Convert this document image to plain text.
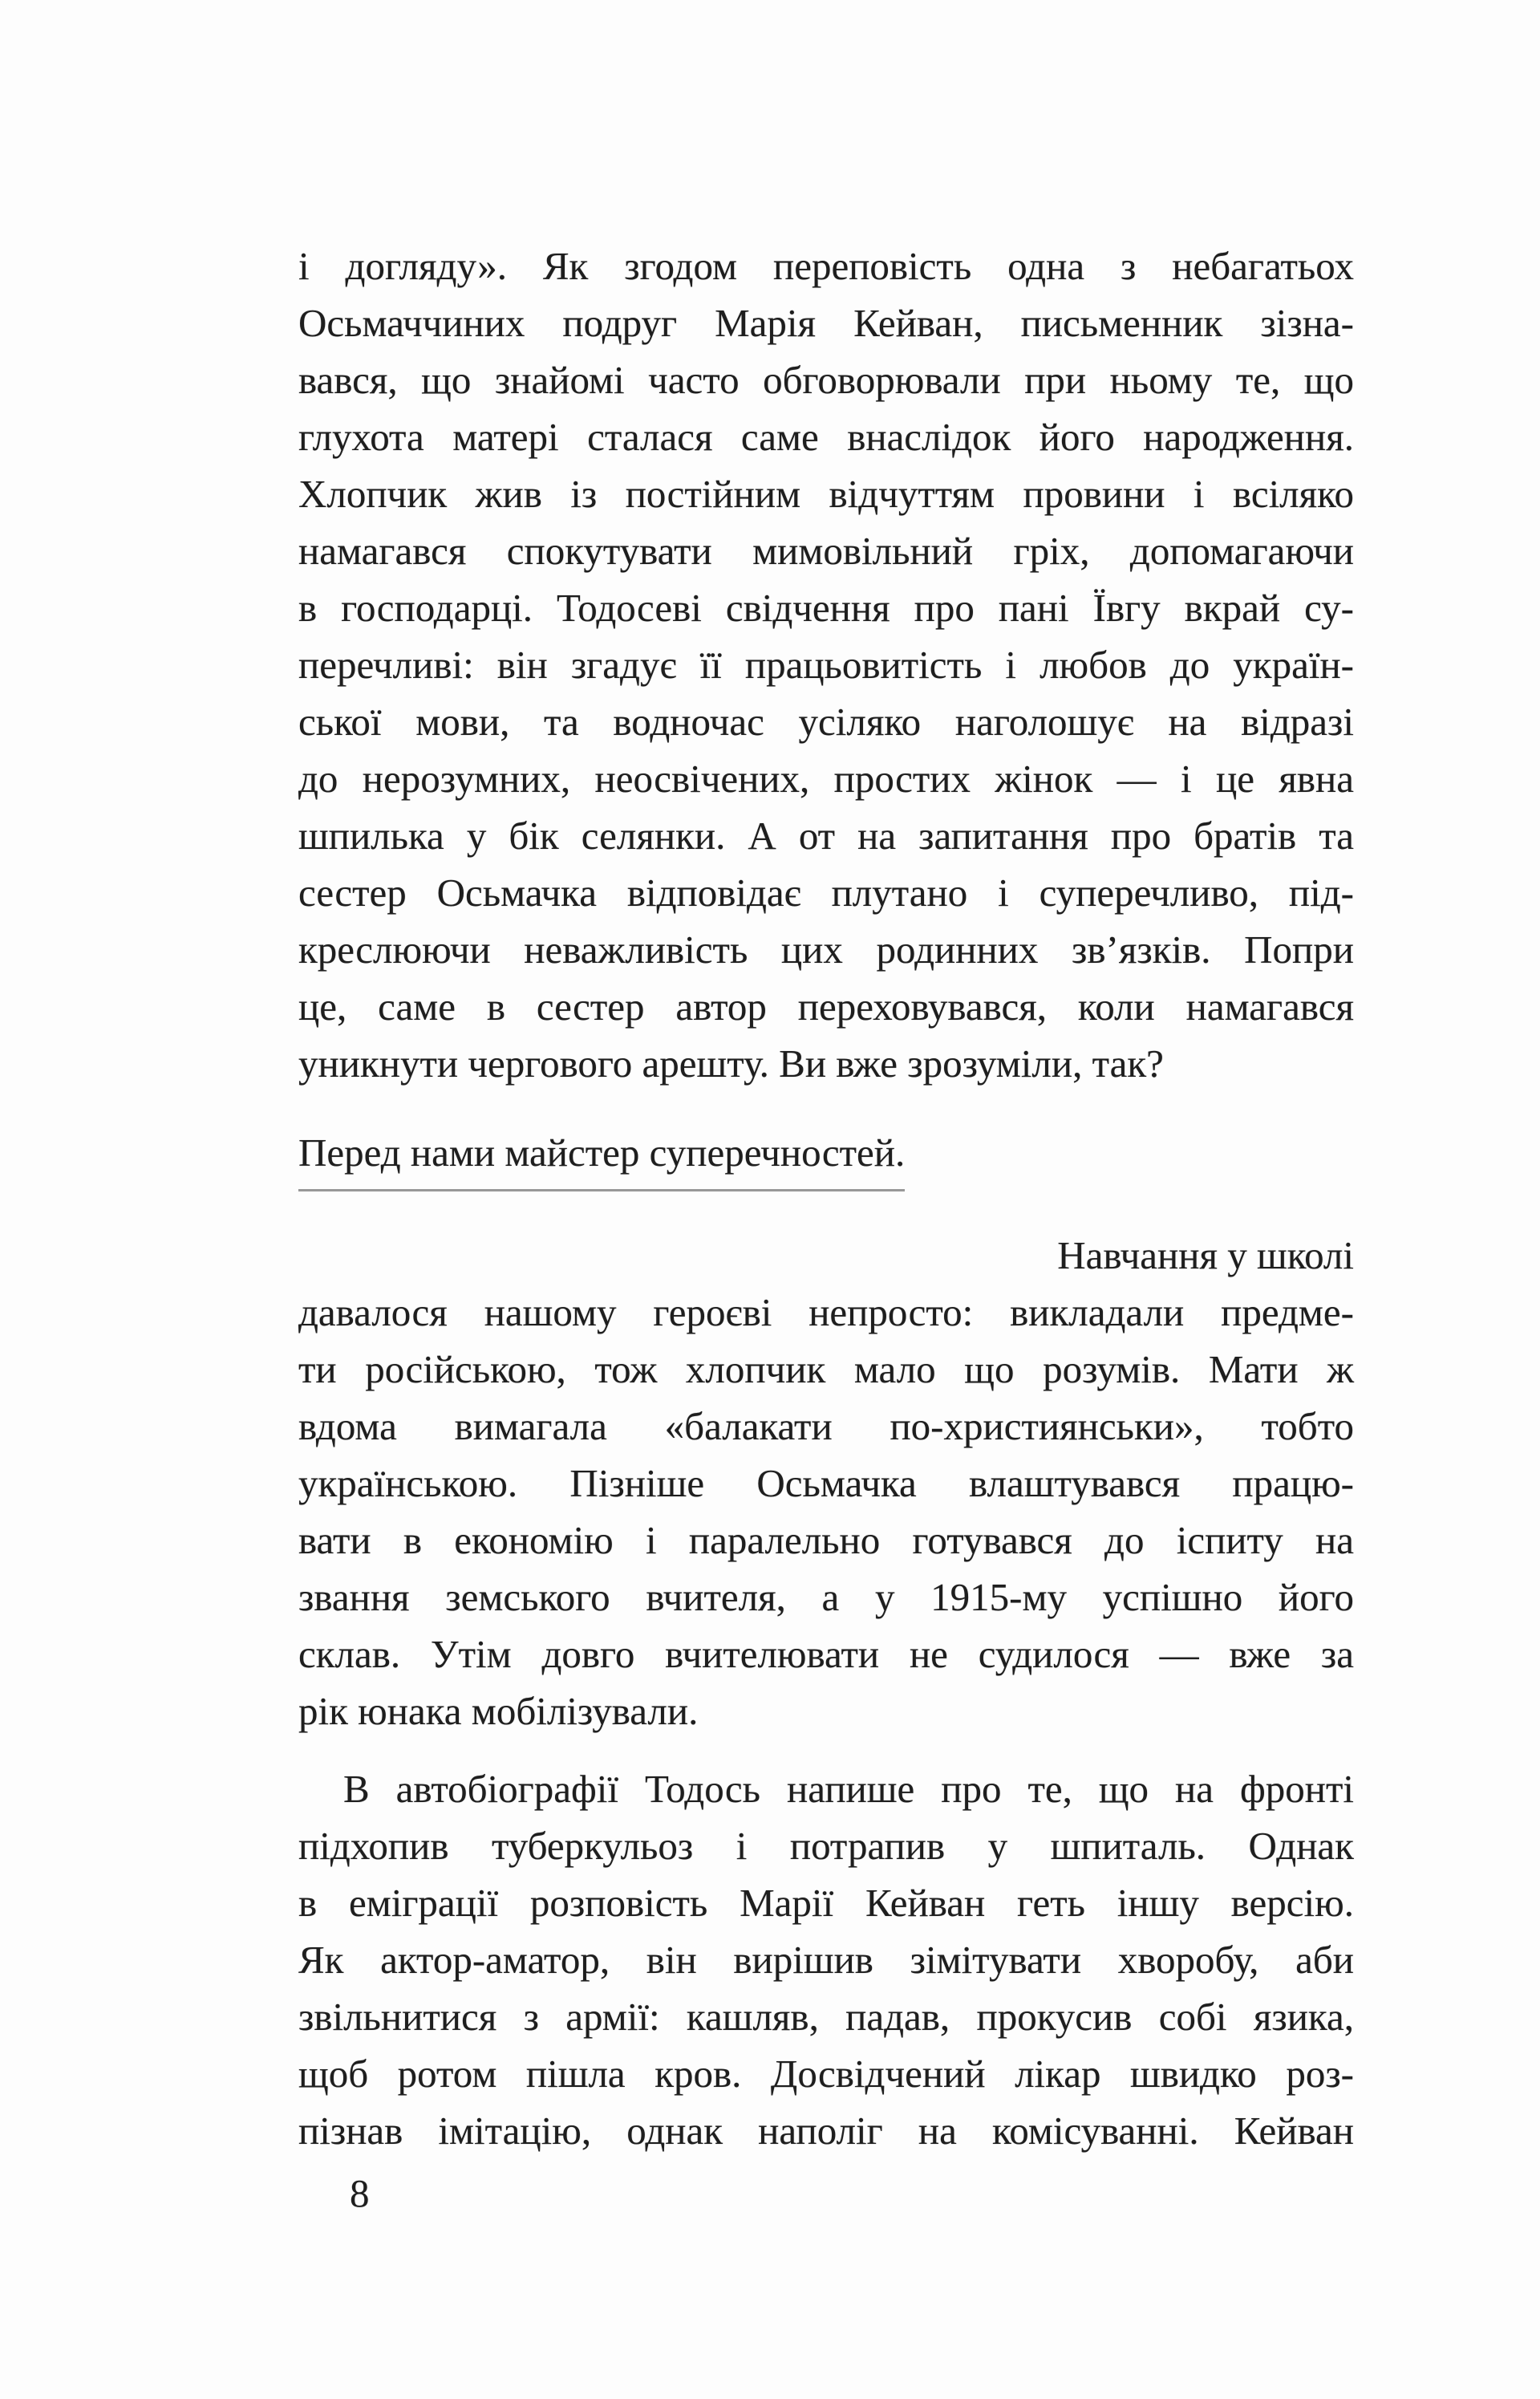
і догляду». Як згодом переповість одна з небагатьох
Осьмаччиних подруг Марія Кейван, письменник зізна-
вався, що знайомі часто обговорювали при ньому те, що
глухота матері сталася саме внаслідок його народження.
Хлопчик жив із постійним відчуттям провини і всіляко
намагався спокутувати мимовільний гріх, допомагаючи
в господарці. Тодосеві свідчення про пані Ївгу вкрай су-
перечливі: він згадує її працьовитість і любов до україн-
ської мови, та водночас усіляко наголошує на відразі
до нерозумних, неосвічених, простих жінок — і це явна
шпилька у бік селянки. А от на запитання про братів та
сестер Осьмачка відповідає плутано і суперечливо, під-
креслюючи неважливість цих родинних зв’язків. Попри
це, саме в сестер автор переховувався, коли намагався
уникнути чергового арешту. Ви вже зрозуміли, так?

Перед нами майстер суперечностей.

Навчання у школі
давалося нашому героєві непросто: викладали предме-
ти російською, тож хлопчик мало що розумів. Мати ж
вдома вимагала «балакати по-християнськи», тобто
українською. Пізніше Осьмачка влаштувався працю-
вати в економію і паралельно готувався до іспиту на
звання земського вчителя, а у 1915-му успішно його
склав. Утім довго вчителювати не судилося — вже за
рік юнака мобілізували.

В автобіографії Тодось напише про те, що на фронті
підхопив туберкульоз і потрапив у шпиталь. Однак
в еміграції розповість Марії Кейван геть іншу версію.
Як актор-аматор, він вирішив зімітувати хворобу, аби
звільнитися з армії: кашляв, падав, прокусив собі язика,
щоб ротом пішла кров. Досвідчений лікар швидко роз-
пізнав імітацію, однак наполіг на комісуванні. Кейван

8
